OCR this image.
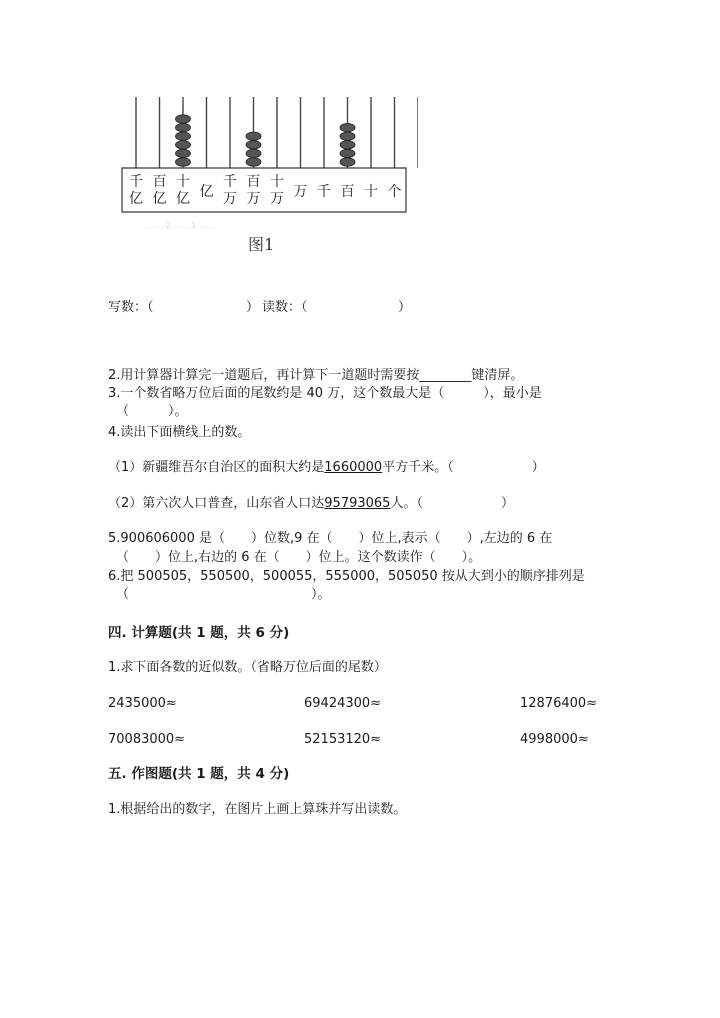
千亿
百亿
十亿 亿
千万
百万
十万 万 千 百 十 个
...... 2 ...... 1 ......
图1
写数：（	） 读数：（	）
2.用计算器计算完一道题后，再计算下一道题时需要按________键清屏。
3.一个数省略万位后面的尾数约是 40 万，这个数最大是（　　　），最小是
（　　　）。
4.读出下面横线上的数。
（1）新疆维吾尔自治区的面积大约是1660000平方千米。（　　　　　　）
（2）第六次人口普查，山东省人口达95793065人。（　　　　　　）
5.900606000 是（　　）位数,9 在（　　）位上,表示（　　）,左边的 6 在
（　　）位上,右边的 6 在（　　）位上。这个数读作（　　）。
6.把 500505，550500，500055，555000，505050 按从大到小的顺序排列是
（　　　　　　　　　　　　　　）。
四. 计算题(共 1 题，共 6 分)
1.求下面各数的近似数。（省略万位后面的尾数）
2435000≈	69424300≈	12876400≈
70083000≈	52153120≈	4998000≈
五. 作图题(共 1 题，共 4 分)
1.根据给出的数字，在图片上画上算珠并写出读数。
